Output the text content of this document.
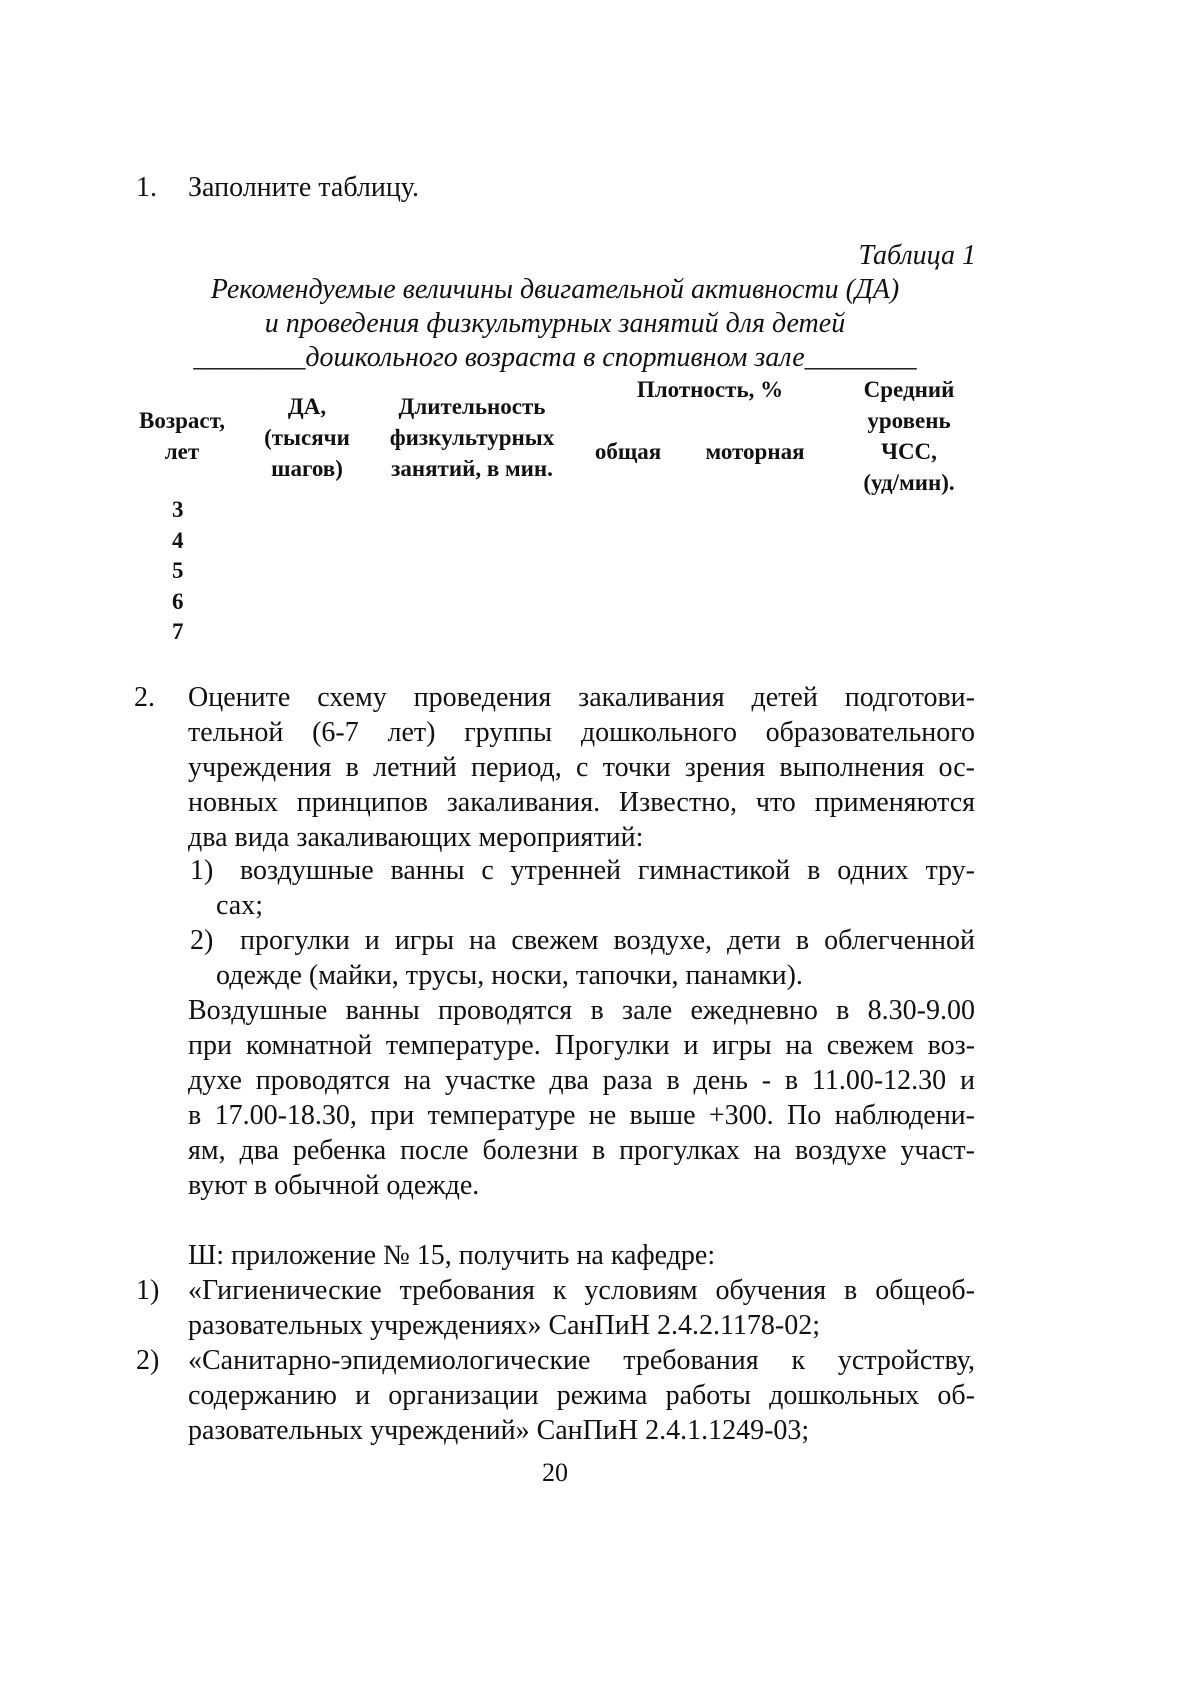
1. Заполните таблицу.
Таблица 1
Рекомендуемые величины двигательной активности (ДА)
и проведения физкультурных занятий для детей
________дошкольного возраста в спортивном зале________
Возраст,
лет
ДА,
(тысячи
шагов)
Длительность
физкультурных
занятий, в мин.
Плотность, %
общая	моторная
Средний
уровень
ЧСС,
(уд/мин).
3
4
5
6
7
2. Оцените схему проведения закаливания детей подготови-
тельной (6-7 лет) группы дошкольного образовательного
учреждения в летний период, с точки зрения выполнения ос-
новных принципов закаливания. Известно, что применяются
два вида закаливающих мероприятий:
1) воздушные ванны с утренней гимнастикой в одних тру-
сах;
2) прогулки и игры на свежем воздухе, дети в облегченной
одежде (майки, трусы, носки, тапочки, панамки).
Воздушные ванны проводятся в зале ежедневно в 8.30-9.00
при комнатной температуре. Прогулки и игры на свежем воз-
духе проводятся на участке два раза в день - в 11.00-12.30 и
в 17.00-18.30, при температуре не выше +300. По наблюдени-
ям, два ребенка после болезни в прогулках на воздухе участ-
вуют в обычной одежде.
Ш: приложение № 15, получить на кафедре:
1) «Гигиенические требования к условиям обучения в общеоб-
разовательных учреждениях» СанПиН 2.4.2.1178-02;
2) «Санитарно-эпидемиологические требования к устройству,
содержанию и организации режима работы дошкольных об-
разовательных учреждений» СанПиН 2.4.1.1249-03;
20
